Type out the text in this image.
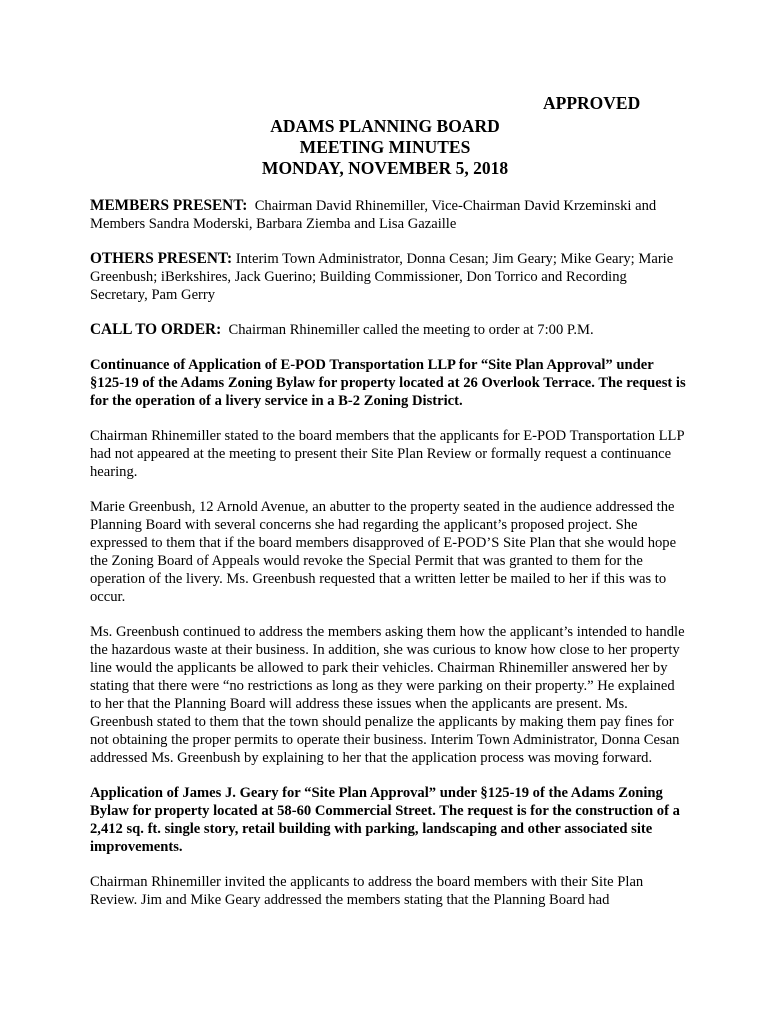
APPROVED
ADAMS PLANNING BOARD
MEETING MINUTES
MONDAY, NOVEMBER 5, 2018

MEMBERS PRESENT: Chairman David Rhinemiller, Vice-Chairman David Krzeminski and Members Sandra Moderski, Barbara Ziemba and Lisa Gazaille

OTHERS PRESENT: Interim Town Administrator, Donna Cesan; Jim Geary; Mike Geary; Marie Greenbush; iBerkshires, Jack Guerino; Building Commissioner, Don Torrico and Recording Secretary, Pam Gerry

CALL TO ORDER: Chairman Rhinemiller called the meeting to order at 7:00 P.M.

Continuance of Application of E-POD Transportation LLP for “Site Plan Approval” under §125-19 of the Adams Zoning Bylaw for property located at 26 Overlook Terrace. The request is for the operation of a livery service in a B-2 Zoning District.

Chairman Rhinemiller stated to the board members that the applicants for E-POD Transportation LLP had not appeared at the meeting to present their Site Plan Review or formally request a continuance hearing.

Marie Greenbush, 12 Arnold Avenue, an abutter to the property seated in the audience addressed the Planning Board with several concerns she had regarding the applicant’s proposed project. She expressed to them that if the board members disapproved of E-POD’S Site Plan that she would hope the Zoning Board of Appeals would revoke the Special Permit that was granted to them for the operation of the livery. Ms. Greenbush requested that a written letter be mailed to her if this was to occur.

Ms. Greenbush continued to address the members asking them how the applicant’s intended to handle the hazardous waste at their business. In addition, she was curious to know how close to her property line would the applicants be allowed to park their vehicles. Chairman Rhinemiller answered her by stating that there were “no restrictions as long as they were parking on their property.” He explained to her that the Planning Board will address these issues when the applicants are present. Ms. Greenbush stated to them that the town should penalize the applicants by making them pay fines for not obtaining the proper permits to operate their business. Interim Town Administrator, Donna Cesan addressed Ms. Greenbush by explaining to her that the application process was moving forward.

Application of James J. Geary for “Site Plan Approval” under §125-19 of the Adams Zoning Bylaw for property located at 58-60 Commercial Street. The request is for the construction of a 2,412 sq. ft. single story, retail building with parking, landscaping and other associated site improvements.

Chairman Rhinemiller invited the applicants to address the board members with their Site Plan Review. Jim and Mike Geary addressed the members stating that the Planning Board had
